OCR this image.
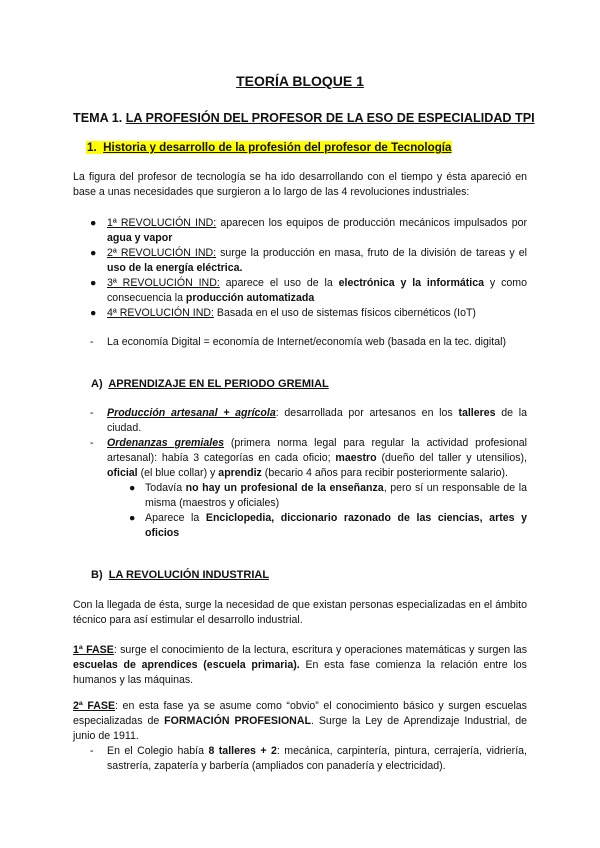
TEORÍA BLOQUE 1
TEMA 1. LA PROFESIÓN DEL PROFESOR DE LA ESO DE ESPECIALIDAD TPI
1. Historia y desarrollo de la profesión del profesor de Tecnología

La figura del profesor de tecnología se ha ido desarrollando con el tiempo y ésta apareció en base a unas necesidades que surgieron a lo largo de las 4 revoluciones industriales:

● 1ª REVOLUCIÓN IND: aparecen los equipos de producción mecánicos impulsados por agua y vapor
● 2ª REVOLUCIÓN IND: surge la producción en masa, fruto de la división de tareas y el uso de la energía eléctrica.
● 3ª REVOLUCIÓN IND: aparece el uso de la electrónica y la informática y como consecuencia la producción automatizada
● 4ª REVOLUCIÓN IND: Basada en el uso de sistemas físicos cibernéticos (IoT)
- La economía Digital = economía de Internet/economía web (basada en la tec. digital)
A) APRENDIZAJE EN EL PERIODO GREMIAL
- Producción artesanal + agrícola: desarrollada por artesanos en los talleres de la ciudad.
- Ordenanzas gremiales (primera norma legal para regular la actividad profesional artesanal): había 3 categorías en cada oficio; maestro (dueño del taller y utensilios), oficial (el blue collar) y aprendiz (becario 4 años para recibir posteriormente salario).
● Todavía no hay un profesional de la enseñanza, pero sí un responsable de la misma (maestros y oficiales)
● Aparece la Enciclopedia, diccionario razonado de las ciencias, artes y oficios
B) LA REVOLUCIÓN INDUSTRIAL

Con la llegada de ésta, surge la necesidad de que existan personas especializadas en el ámbito técnico para así estimular el desarrollo industrial.

1ª FASE: surge el conocimiento de la lectura, escritura y operaciones matemáticas y surgen las escuelas de aprendices (escuela primaria). En esta fase comienza la relación entre los humanos y las máquinas.

2ª FASE: en esta fase ya se asume como “obvio” el conocimiento básico y surgen escuelas especializadas de FORMACIÓN PROFESIONAL. Surge la Ley de Aprendizaje Industrial, de junio de 1911.

- En el Colegio había 8 talleres + 2: mecánica, carpintería, pintura, cerrajería, vidriería, sastrería, zapatería y barbería (ampliados con panadería y electricidad).
